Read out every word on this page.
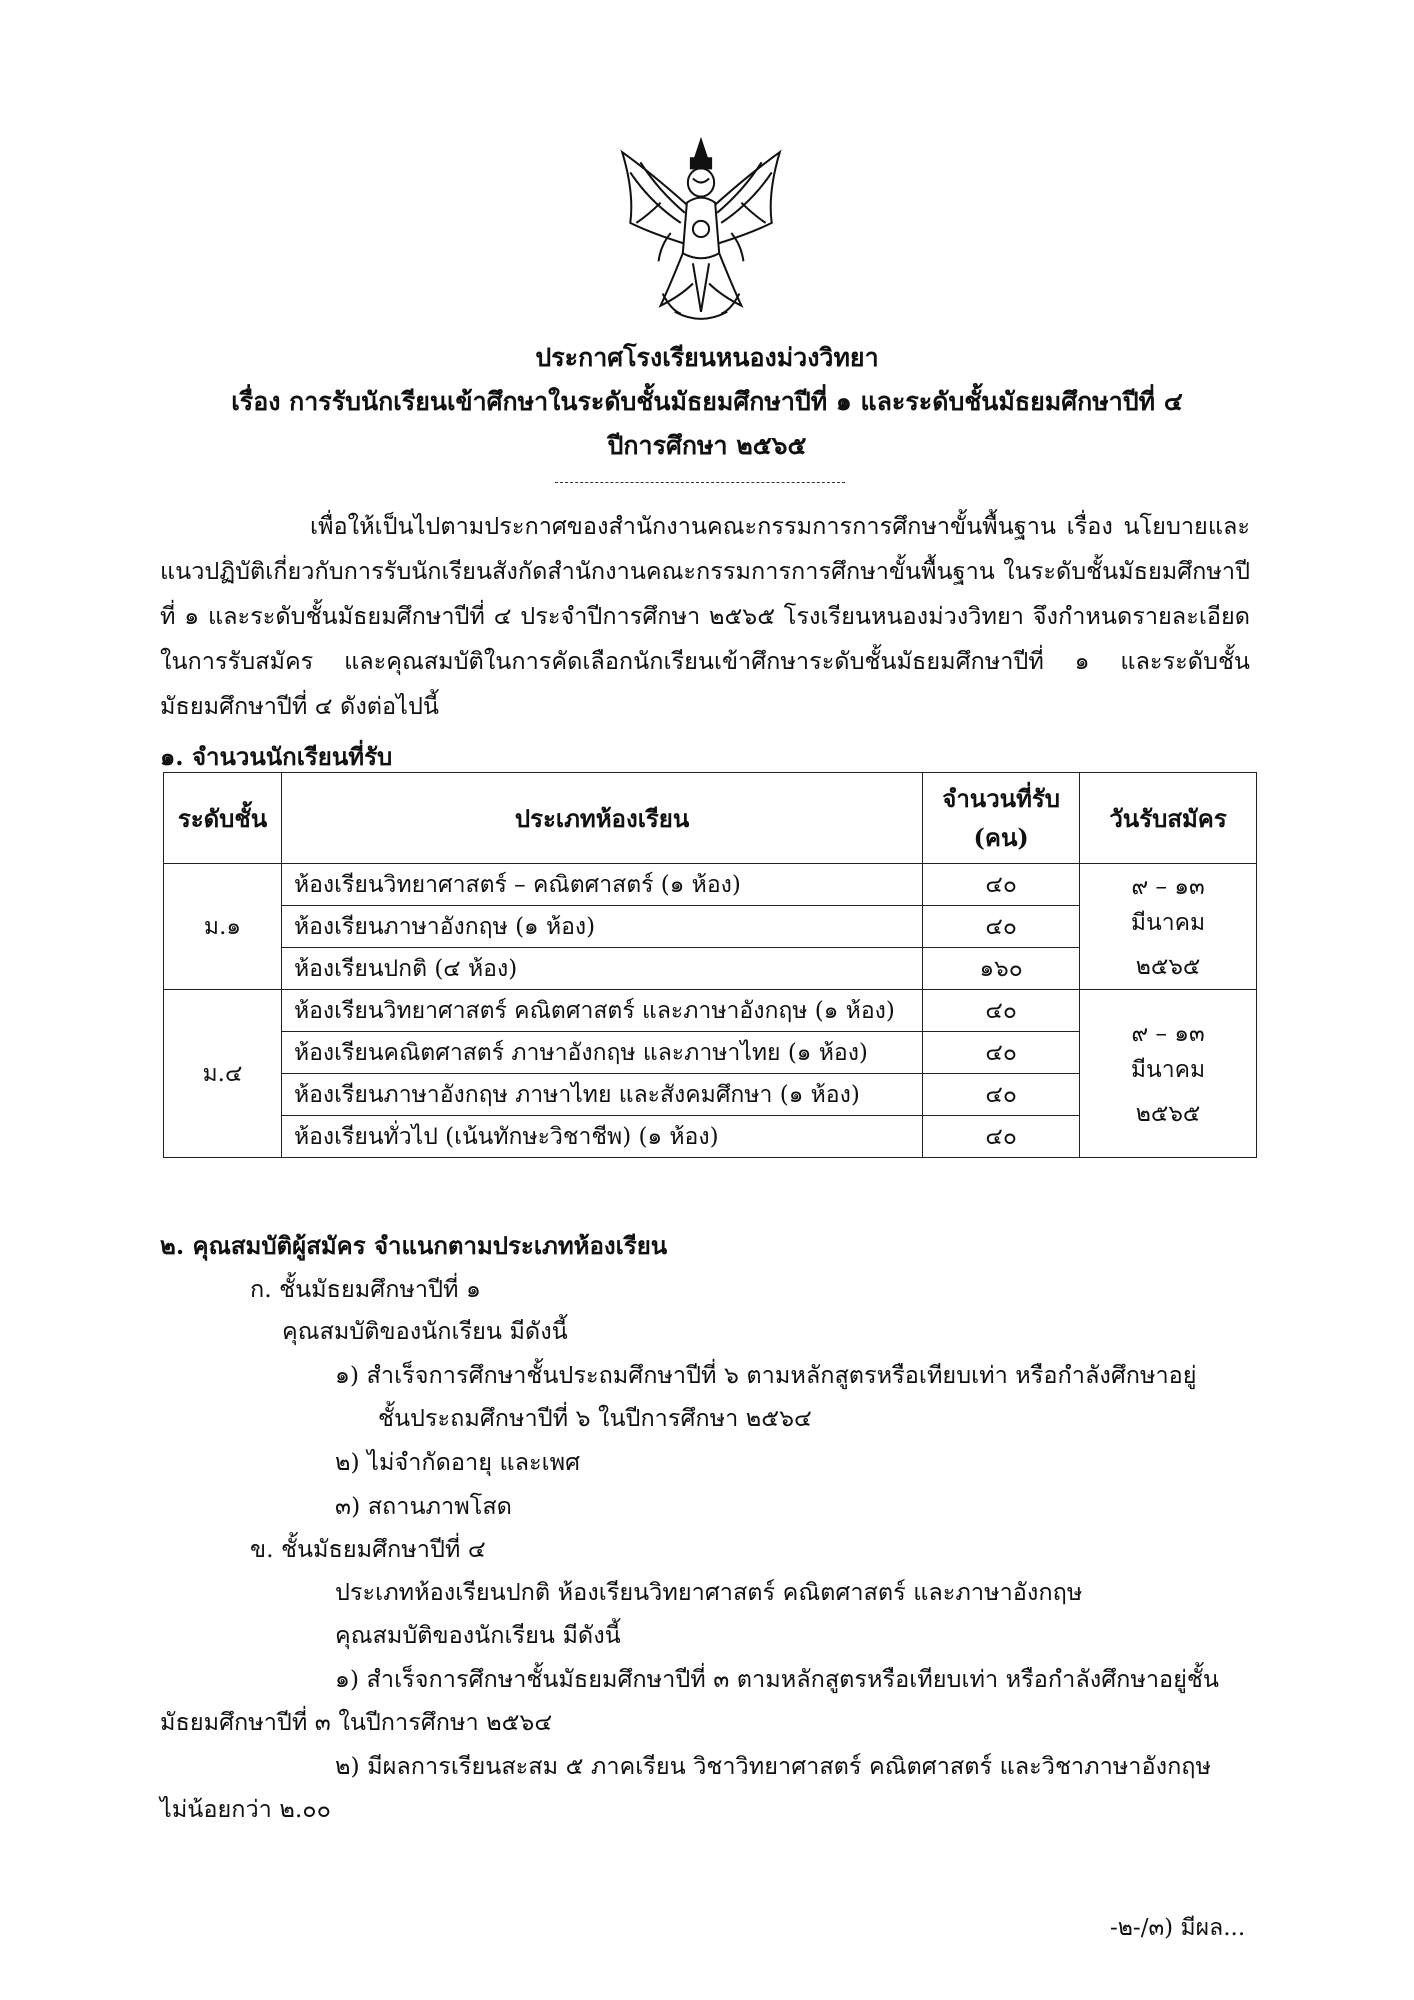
ประกาศโรงเรียนหนองม่วงวิทยา
เรื่อง การรับนักเรียนเข้าศึกษาในระดับชั้นมัธยมศึกษาปีที่ ๑ และระดับชั้นมัธยมศึกษาปีที่ ๔
ปีการศึกษา ๒๕๖๕
เพื่อให้เป็นไปตามประกาศของสำนักงานคณะกรรมการการศึกษาขั้นพื้นฐาน เรื่อง นโยบายและแนวปฏิบัติเกี่ยวกับการรับนักเรียนสังกัดสำนักงานคณะกรรมการการศึกษาขั้นพื้นฐาน ในระดับชั้นมัธยมศึกษาปีที่ ๑ และระดับชั้นมัธยมศึกษาปีที่ ๔ ประจำปีการศึกษา ๒๕๖๕ โรงเรียนหนองม่วงวิทยา จึงกำหนดรายละเอียดในการรับสมัคร และคุณสมบัติในการคัดเลือกนักเรียนเข้าศึกษาระดับชั้นมัธยมศึกษาปีที่ ๑ และระดับชั้นมัธยมศึกษาปีที่ ๔ ดังต่อไปนี้
๑. จำนวนนักเรียนที่รับ
ระดับชั้น	ประเภทห้องเรียน	จำนวนที่รับ (คน)	วันรับสมัคร
ม.๑	ห้องเรียนวิทยาศาสตร์ – คณิตศาสตร์ (๑ ห้อง)	๔๐	๙ – ๑๓ มีนาคม
๒๕๖๕

	ห้องเรียนภาษาอังกฤษ (๑ ห้อง)	๔๐	
	ห้องเรียนปกติ (๔ ห้อง)	๑๖๐	
ม.๔	ห้องเรียนวิทยาศาสตร์ คณิตศาสตร์ และภาษาอังกฤษ (๑ ห้อง)	๔๐	๙ – ๑๓ มีนาคม
๒๕๖๕

	ห้องเรียนคณิตศาสตร์ ภาษาอังกฤษ และภาษาไทย (๑ ห้อง)	๔๐	
	ห้องเรียนภาษาอังกฤษ ภาษาไทย และสังคมศึกษา (๑ ห้อง)	๔๐	
	ห้องเรียนทั่วไป (เน้นทักษะวิชาชีพ) (๑ ห้อง)	๔๐	
๒. คุณสมบัติผู้สมัคร จำแนกตามประเภทห้องเรียน
ก. ชั้นมัธยมศึกษาปีที่ ๑
คุณสมบัติของนักเรียน มีดังนี้
๑) สำเร็จการศึกษาชั้นประถมศึกษาปีที่ ๖ ตามหลักสูตรหรือเทียบเท่า หรือกำลังศึกษาอยู่
ชั้นประถมศึกษาปีที่ ๖ ในปีการศึกษา ๒๕๖๔
๒) ไม่จำกัดอายุ และเพศ
๓) สถานภาพโสด
ข. ชั้นมัธยมศึกษาปีที่ ๔
ประเภทห้องเรียนปกติ ห้องเรียนวิทยาศาสตร์ คณิตศาสตร์ และภาษาอังกฤษ
คุณสมบัติของนักเรียน มีดังนี้
๑) สำเร็จการศึกษาชั้นมัธยมศึกษาปีที่ ๓ ตามหลักสูตรหรือเทียบเท่า หรือกำลังศึกษาอยู่ชั้น
มัธยมศึกษาปีที่ ๓ ในปีการศึกษา ๒๕๖๔
๒) มีผลการเรียนสะสม ๕ ภาคเรียน วิชาวิทยาศาสตร์ คณิตศาสตร์ และวิชาภาษาอังกฤษ
ไม่น้อยกว่า ๒.๐๐
-๒-/๓) มีผล...
